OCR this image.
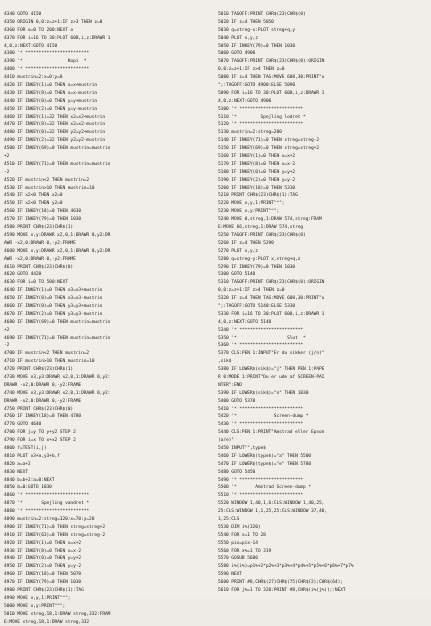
4340 GOTO 4150
4350 ORIGIN 0,0:z=z+1:IF z>3 THEN z=0
4360 FOR o=0 TO 200:NEXT o
4370 FOR i=16 TO 30:PLOT 608,i,z:DRAWR 1
4,0,z:NEXT:GOTO 4150
4380 '* ************************
4390 '*                 Kopi  *
4400 '* ************************
4410 mustrin=2:x=0:y=0
4420 IF INKEY(1)=0 THEN x=x+mustrin
4430 IF INKEY(8)=0 THEN x=x-mustrin
4440 IF INKEY(0)=0 THEN y=y+mustrin
4450 IF INKEY(2)=0 THEN y=y-mustrin
4460 IF INKEY(1)=32 THEN x2=x2+mustrin
4470 IF INKEY(8)=32 THEN x2=x2-mustrin
4480 IF INKEY(0)=32 THEN y2=y2+mustrin
4490 IF INKEY(2)=32 THEN y2=y2-mustrin
4500 IF INKEY(69)=0 THEN mustrin=mustrin
+2
4510 IF INKEY(71)=0 THEN mustrin=mustrin
-2
4520 IF mustrin<2 THEN mustrin=2
4530 IF mustrin>10 THEN mustrin=10
4540 IF x2<0 THEN x2=0
4550 IF x2<0 THEN y2=0
4560 IF INKEY(18)=0 THEN 4630
4570 IF INKEY(79)=0 THEN 1030
4580 PRINT CHR$(23)CHR$(1)
4590 MOVE x,y:DRAWR x2,0,1:DRAWR 0,y2:DR
AWR -x2,0:DRAWR 0,-y2:FRAME
4600 MOVE x,y:DRAWR x2,0,1:DRAWR 0,y2:DR
AWR -x2,0:DRAWR 0,-y2:FRAME
4610 PRINT CHR$(23)CHR$(0)
4620 GOTO 4420
4630 FOR i=0 TO 500:NEXT
4640 IF INKEY(1)=0 THEN x3=x3+mustrin
4650 IF INKEY(8)=0 THEN x3=x3-mustrin
4660 IF INKEY(0)=0 THEN y3=y3+mustrin
4670 IF INKEY(2)=0 THEN y3=y3-mustrin
4680 IF INKEY(69)=0 THEN mustrin=mustrin
+2
4690 IF INKEY(71)=0 THEN mustrin=mustrin
-2
4700 IF mustrin<2 THEN mustrin=2
4710 IF mustrin>10 THEN mustrin=10
4720 PRINT CHR$(23)CHR$(1)
4730 MOVE x3,y3:DRAWR x2,0,1:DRAWR 0,y2:
DRAWR -x2,0:DRAWR 0,-y2:FRAME
4740 MOVE x3,y3:DRAWR x2,0,1:DRAWR 0,y2:
DRAWR -x2,0:DRAWR 0,-y2:FRAME
4750 PRINT CHR$(23)CHR$(0)
4760 IF INKEY(18)=0 THEN 4780
4770 GOTO 4640
4780 FOR j=y TO y+y2 STEP 2
4790 FOR i=x TO x+x2 STEP 2
4800 f=TEST(i,j)
4810 PLOT x3+a,y3+b,f
4820 a=a+2
4830 NEXT
4840 b=b+2:a=0:NEXT
4850 b=0:GOTO 1030
4860 '* ************************
4870 '*       Spejling vandret *
4880 '* ************************
4890 mustrin=2:streg=320:x=70:y=20
4900 IF INKEY(71)=0 THEN streg=streg+2
4910 IF INKEY(63)=0 THEN streg=streg-2
4920 IF INKEY(1)=0 THEN x=x+2
4930 IF INKEY(8)=0 THEN x=x-2
4940 IF INKEY(0)=0 THEN y=y+2
4950 IF INKEY(2)=0 THEN y=y-2
4960 IF INKEY(18)=0 THEN 5070
4970 IF INKEY(79)=0 THEN 1030
4980 PRINT CHR$(23)CHR$(1):TAG
4990 MOVE x,y,1:PRINT"^";
5000 MOVE x,y:PRINT"^";
5010 MOVE streg,18,1:DRAW streg,332:FRAM
E:MOVE streg,18,1:DRAW streg,332
5010 TAGOFF:PRINT CHR$(23)CHR$(0)
5020 IF z=4 THEN 5050
5030 q=streg-x:PLOT streg+q,y
5040 PLOT x,y,z
5050 IF INKEY(79)=0 THEN 1030
5060 GOTO 4900
5070 TAGOFF:PRINT CHR$(23)CHR$(0):ORIGIN
0,0:z=z+1:IF z>4 THEN z=0
5080 IF z=4 THEN TAG:MOVE 608,30:PRINT"u
";:TAGOFF:GOTO 4900:ELSE 5090
5090 FOR i=16 TO 30:PLOT 608,i,z:DRAWR 1
4,0,z:NEXT:GOTO 4900
5100 '* ************************
5110 '*         Spejling lodret *
5120 '* ************************
5130 mustrin=2:streg=200
5140 IF INKEY(71)=0 THEN streg=streg-2
5150 IF INKEY(69)=0 THEN streg=streg+2
5160 IF INKEY(1)=0 THEN x=x+2
5170 IF INKEY(8)=0 THEN x=x-2
5180 IF INKEY(0)=0 THEN y=y+2
5190 IF INKEY(2)=0 THEN y=y-2
5200 IF INKEY(18)=0 THEN 5310
5210 PRINT CHR$(23)CHR$(1):TAG
5220 MOVE x,y,1:PRINT"^";
5230 MOVE x,y:PRINT"^";
5240 MOVE 0,streg,1:DRAW 574,streg:FRAM
E:MOVE 66,streg,1:DRAW 574,streg
5250 TAGOFF:PRINT CHR$(23)CHR$(0)
5260 IF z=4 THEN 5290
5270 PLOT x,y,z
5280 q=streg-y:PLOT x,streg+q,z
5290 IF INKEY(79)=0 THEN 1030
5300 GOTO 5140
5310 TAGOFF:PRINT CHR$(23)CHR$(0):ORIGIN
0,0:z=z+1:IF z>4 THEN z=0
5320 IF z=4 THEN TAG:MOVE 608,30:PRINT"u
";:TAGOFF:GOTO 5140:ELSE 5330
5330 FOR i=16 TO 30:PLOT 608,i,z:DRAWR 1
4,0,z:NEXT:GOTO 5140
5340 '* ************************
5350 '*                   Slut  *
5360 '* ************************
5370 CLS:PEN 1:INPUT"Er du sikker (j/n)"
,sik$
5380 IF LOWER$(sik$)="j" THEN PEN 1:PAPE
R 0:MODE 1:PRINT"Du er ude af SCREEN-PAI
NTER":END
5390 IF LOWER$(sik$)="n" THEN 1030
5400 GOTO 5370
5410 '* ************************
5420 '*              Screen-dump *
5430 '* ************************
5440 CLS:PEN 1:PRINT"Amstrad eller Epson
(a/e)"
5450 INPUT"",type$
5460 IF LOWER$(type$)="a" THEN 5500
5470 IF LOWER$(type$)="e" THEN 5780
5480 GOTO 5450
5490 '* ************************
5500 '*       Amstrad Screen-dump *
5510 '* ************************
5520 WINDOW 1,40,1,6:CLS:WINDOW 1,40,25,
25:CLS:WINDOW 1,1,25,25:CLS:WINDOW 37,40,
1,25:CLS
5530 DIM i%(320)
5540 FOR x=1 TO 28
5550 pix=pix-14
5560 FOR x%=1 TO 319
5570 GOSUB 5680
5580 i%(i%)=p1%+2*p2%+3*p3%+4*p4%+5*p5%+6*p6%+7*p7%
5590 NEXT
5600 PRINT #8,CHR$(27)CHR$(75)CHR$(2);CHR$(64);
5610 FOR j%=1 TO 320:PRINT #8,CHR$(i%(j%));:NEXT
